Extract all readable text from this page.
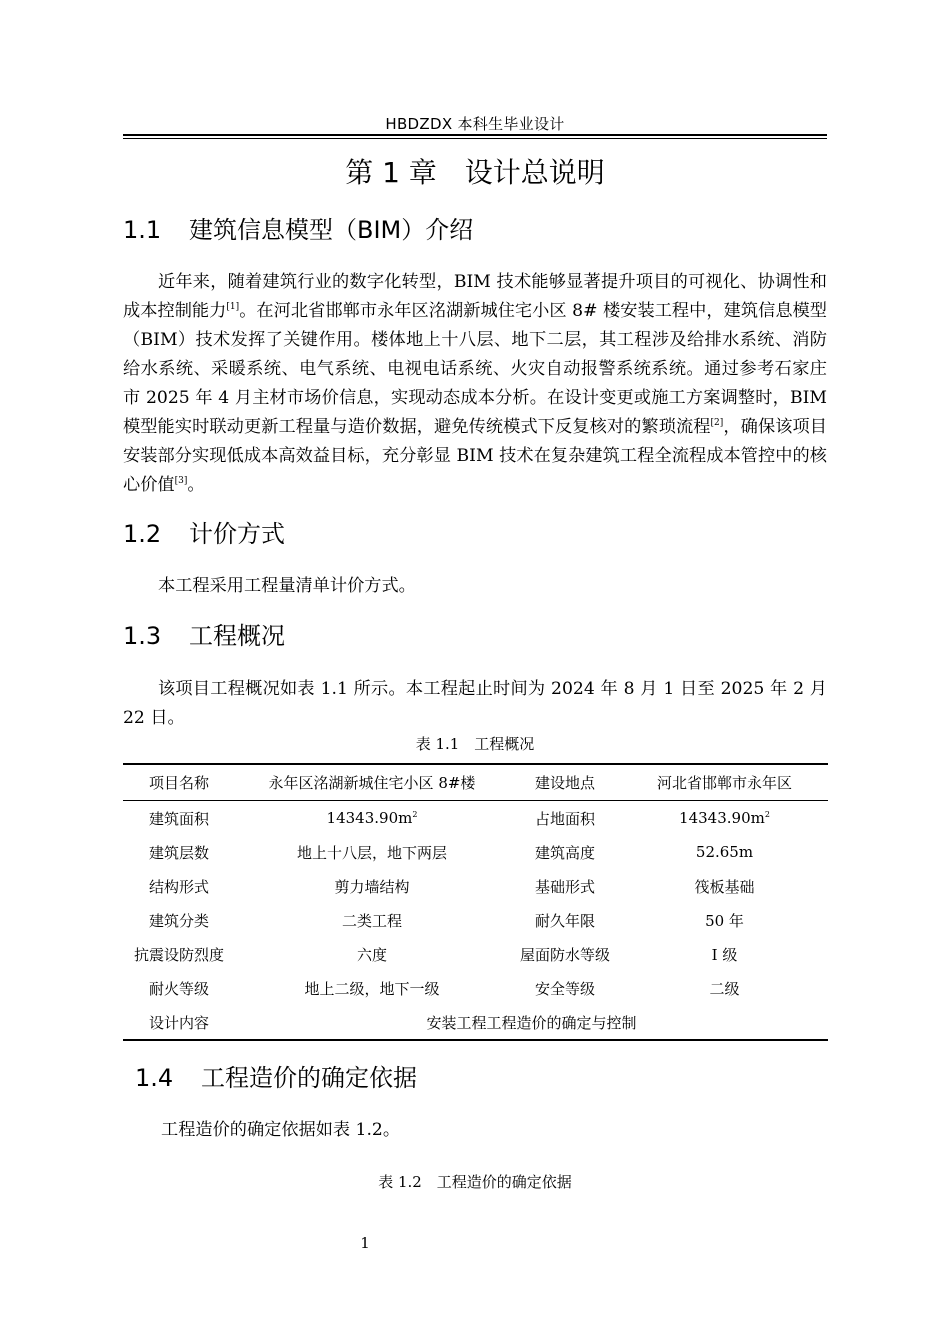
HBDZDX 本科生毕业设计
第 1 章　设计总说明
1.1 建筑信息模型（BIM）介绍
近年来，随着建筑行业的数字化转型，BIM 技术能够显著提升项目的可视化、协调性和成本控制能力[1]。在河北省邯郸市永年区洺湖新城住宅小区 8# 楼安装工程中，建筑信息模型（BIM）技术发挥了关键作用。楼体地上十八层、地下二层，其工程涉及给排水系统、消防给水系统、采暖系统、电气系统、电视电话系统、火灾自动报警系统系统。通过参考石家庄市 2025 年 4 月主材市场价信息，实现动态成本分析。在设计变更或施工方案调整时，BIM 模型能实时联动更新工程量与造价数据，避免传统模式下反复核对的繁琐流程[2]，确保该项目安装部分实现低成本高效益目标，充分彰显 BIM 技术在复杂建筑工程全流程成本管控中的核心价值[3]。
1.2 计价方式
本工程采用工程量清单计价方式。
1.3 工程概况
该项目工程概况如表 1.1 所示。本工程起止时间为 2024 年 8 月 1 日至 2025 年 2 月 22 日。
表 1.1　工程概况
项目名称	永年区洺湖新城住宅小区 8#楼	建设地点	河北省邯郸市永年区
建筑面积	$14343.90m^2$	占地面积	$14343.90m^2$
建筑层数	地上十八层，地下两层	建筑高度	52.65m
结构形式	剪力墙结构	基础形式	筏板基础
建筑分类	二类工程	耐久年限	50 年
抗震设防烈度	六度	屋面防水等级	I 级
耐火等级	地上二级，地下一级	安全等级	二级
设计内容	安装工程工程造价的确定与控制		
1.4 工程造价的确定依据
工程造价的确定依据如表 1.2。
表 1.2　工程造价的确定依据
1
